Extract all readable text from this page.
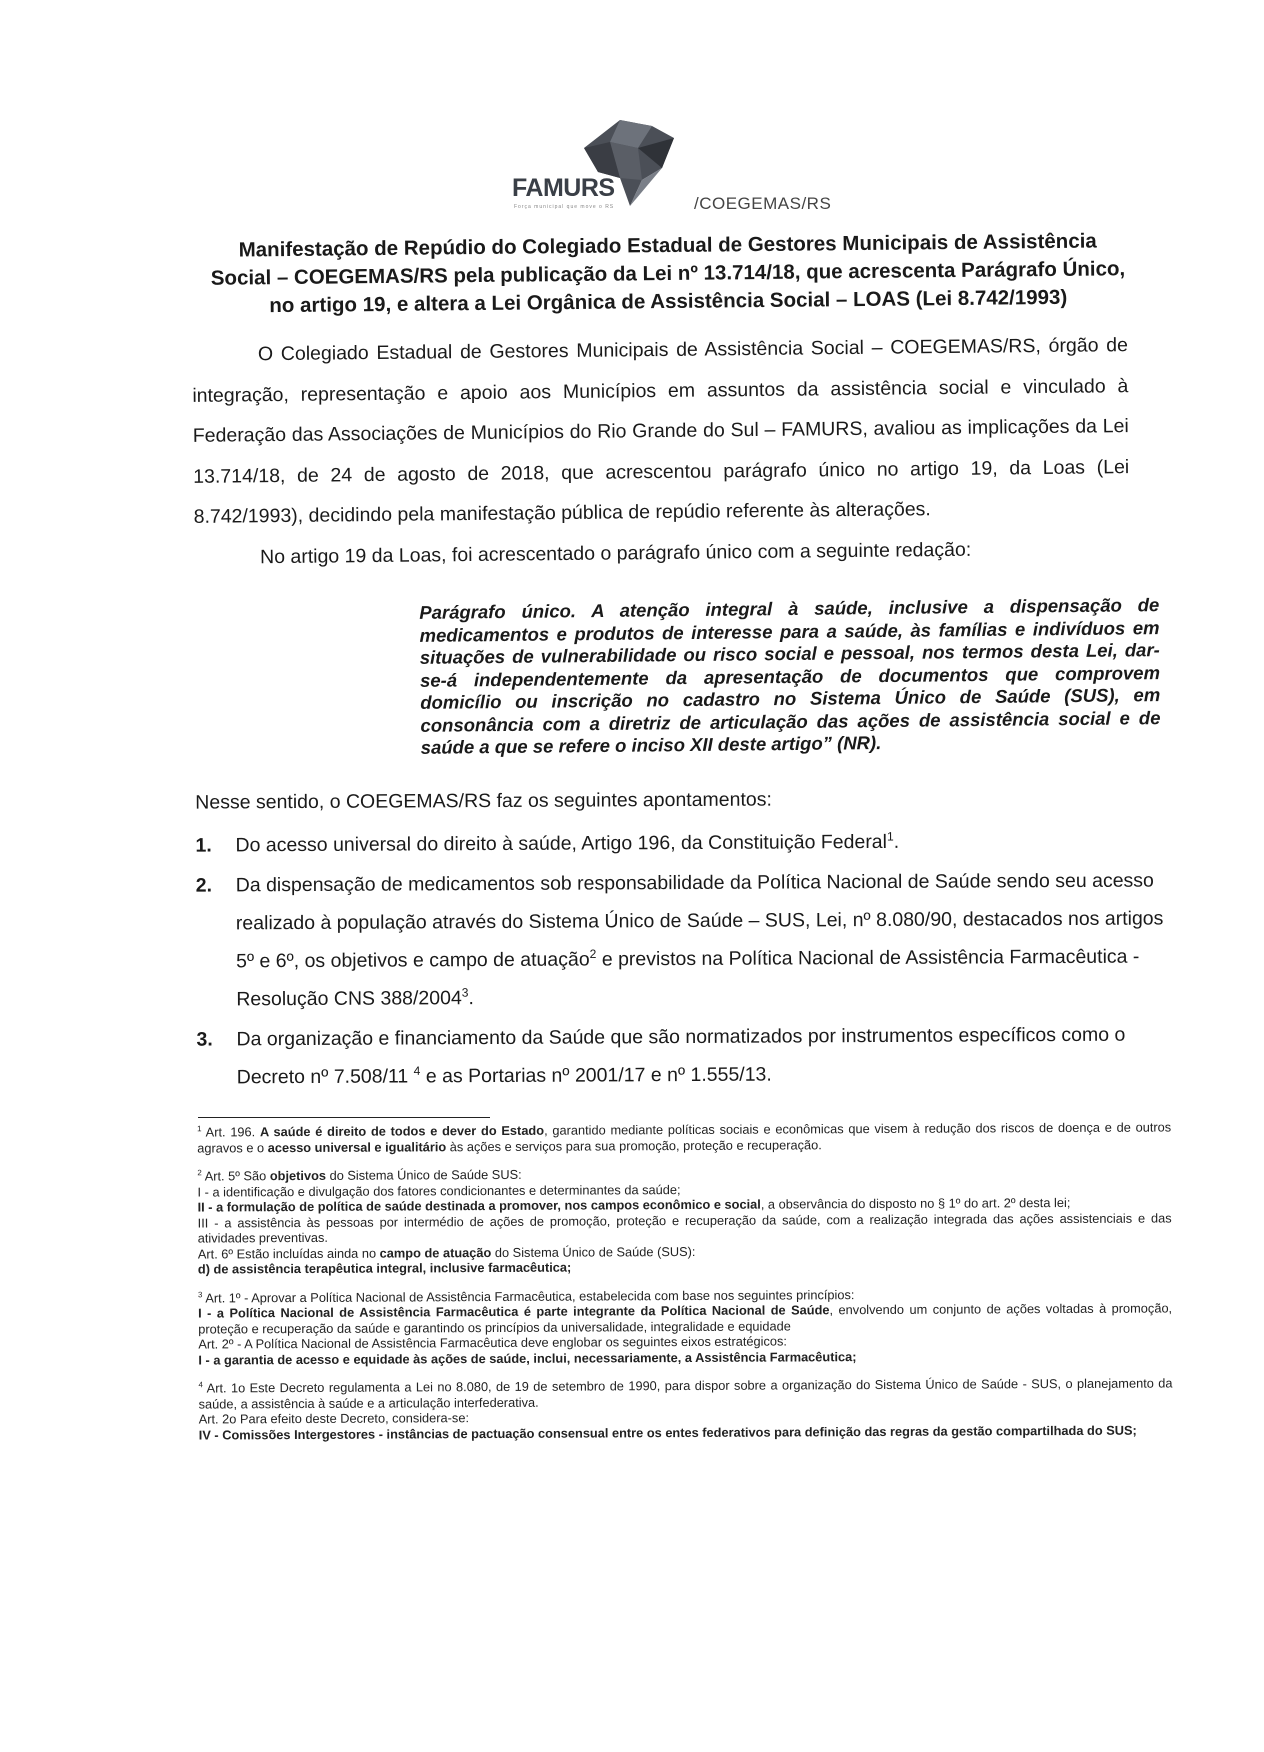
FAMURS
Força municipal que move o RS	/COEGEMAS/RS
Manifestação de Repúdio do Colegiado Estadual de Gestores Municipais de Assistência Social – COEGEMAS/RS pela publicação da Lei nº 13.714/18, que acrescenta Parágrafo Único, no artigo 19, e altera a Lei Orgânica de Assistência Social – LOAS (Lei 8.742/1993)

O Colegiado Estadual de Gestores Municipais de Assistência Social – COEGEMAS/RS, órgão de integração, representação e apoio aos Municípios em assuntos da assistência social e vinculado à Federação das Associações de Municípios do Rio Grande do Sul – FAMURS, avaliou as implicações da Lei 13.714/18, de 24 de agosto de 2018, que acrescentou parágrafo único no artigo 19, da Loas (Lei 8.742/1993), decidindo pela manifestação pública de repúdio referente às alterações.

No artigo 19 da Loas, foi acrescentado o parágrafo único com a seguinte redação:

Parágrafo único. A atenção integral à saúde, inclusive a dispensação de medicamentos e produtos de interesse para a saúde, às famílias e indivíduos em situações de vulnerabilidade ou risco social e pessoal, nos termos desta Lei, dar-se-á independentemente da apresentação de documentos que comprovem domicílio ou inscrição no cadastro no Sistema Único de Saúde (SUS), em consonância com a diretriz de articulação das ações de assistência social e de saúde a que se refere o inciso XII deste artigo” (NR).

Nesse sentido, o COEGEMAS/RS faz os seguintes apontamentos:

1. Do acesso universal do direito à saúde, Artigo 196, da Constituição Federal$^1$.
2. Da dispensação de medicamentos sob responsabilidade da Política Nacional de Saúde sendo seu acesso realizado à população através do Sistema Único de Saúde – SUS, Lei, nº 8.080/90, destacados nos artigos 5º e 6º, os objetivos e campo de atuação$^2$ e previstos na Política Nacional de Assistência Farmacêutica - Resolução CNS 388/2004$^3$.
3. Da organização e financiamento da Saúde que são normatizados por instrumentos específicos como o Decreto nº 7.508/11 $^4$ e as Portarias nº 2001/17 e nº 1.555/13.
$^1$ Art. 196. A saúde é direito de todos e dever do Estado, garantido mediante políticas sociais e econômicas que visem à redução dos riscos de doença e de outros agravos e o acesso universal e igualitário às ações e serviços para sua promoção, proteção e recuperação.

$^2$ Art. 5º São objetivos do Sistema Único de Saúde SUS:

I - a identificação e divulgação dos fatores condicionantes e determinantes da saúde;

II - a formulação de política de saúde destinada a promover, nos campos econômico e social, a observância do disposto no § 1º do art. 2º desta lei;

III - a assistência às pessoas por intermédio de ações de promoção, proteção e recuperação da saúde, com a realização integrada das ações assistenciais e das atividades preventivas.

Art. 6º Estão incluídas ainda no campo de atuação do Sistema Único de Saúde (SUS):

d) de assistência terapêutica integral, inclusive farmacêutica;

$^3$ Art. 1º - Aprovar a Política Nacional de Assistência Farmacêutica, estabelecida com base nos seguintes princípios:

I - a Política Nacional de Assistência Farmacêutica é parte integrante da Política Nacional de Saúde, envolvendo um conjunto de ações voltadas à promoção, proteção e recuperação da saúde e garantindo os princípios da universalidade, integralidade e equidade

Art. 2º - A Política Nacional de Assistência Farmacêutica deve englobar os seguintes eixos estratégicos:

I - a garantia de acesso e equidade às ações de saúde, inclui, necessariamente, a Assistência Farmacêutica;

$^4$ Art. 1o Este Decreto regulamenta a Lei no 8.080, de 19 de setembro de 1990, para dispor sobre a organização do Sistema Único de Saúde - SUS, o planejamento da saúde, a assistência à saúde e a articulação interfederativa.

Art. 2o Para efeito deste Decreto, considera-se:

IV - Comissões Intergestores - instâncias de pactuação consensual entre os entes federativos para definição das regras da gestão compartilhada do SUS;
